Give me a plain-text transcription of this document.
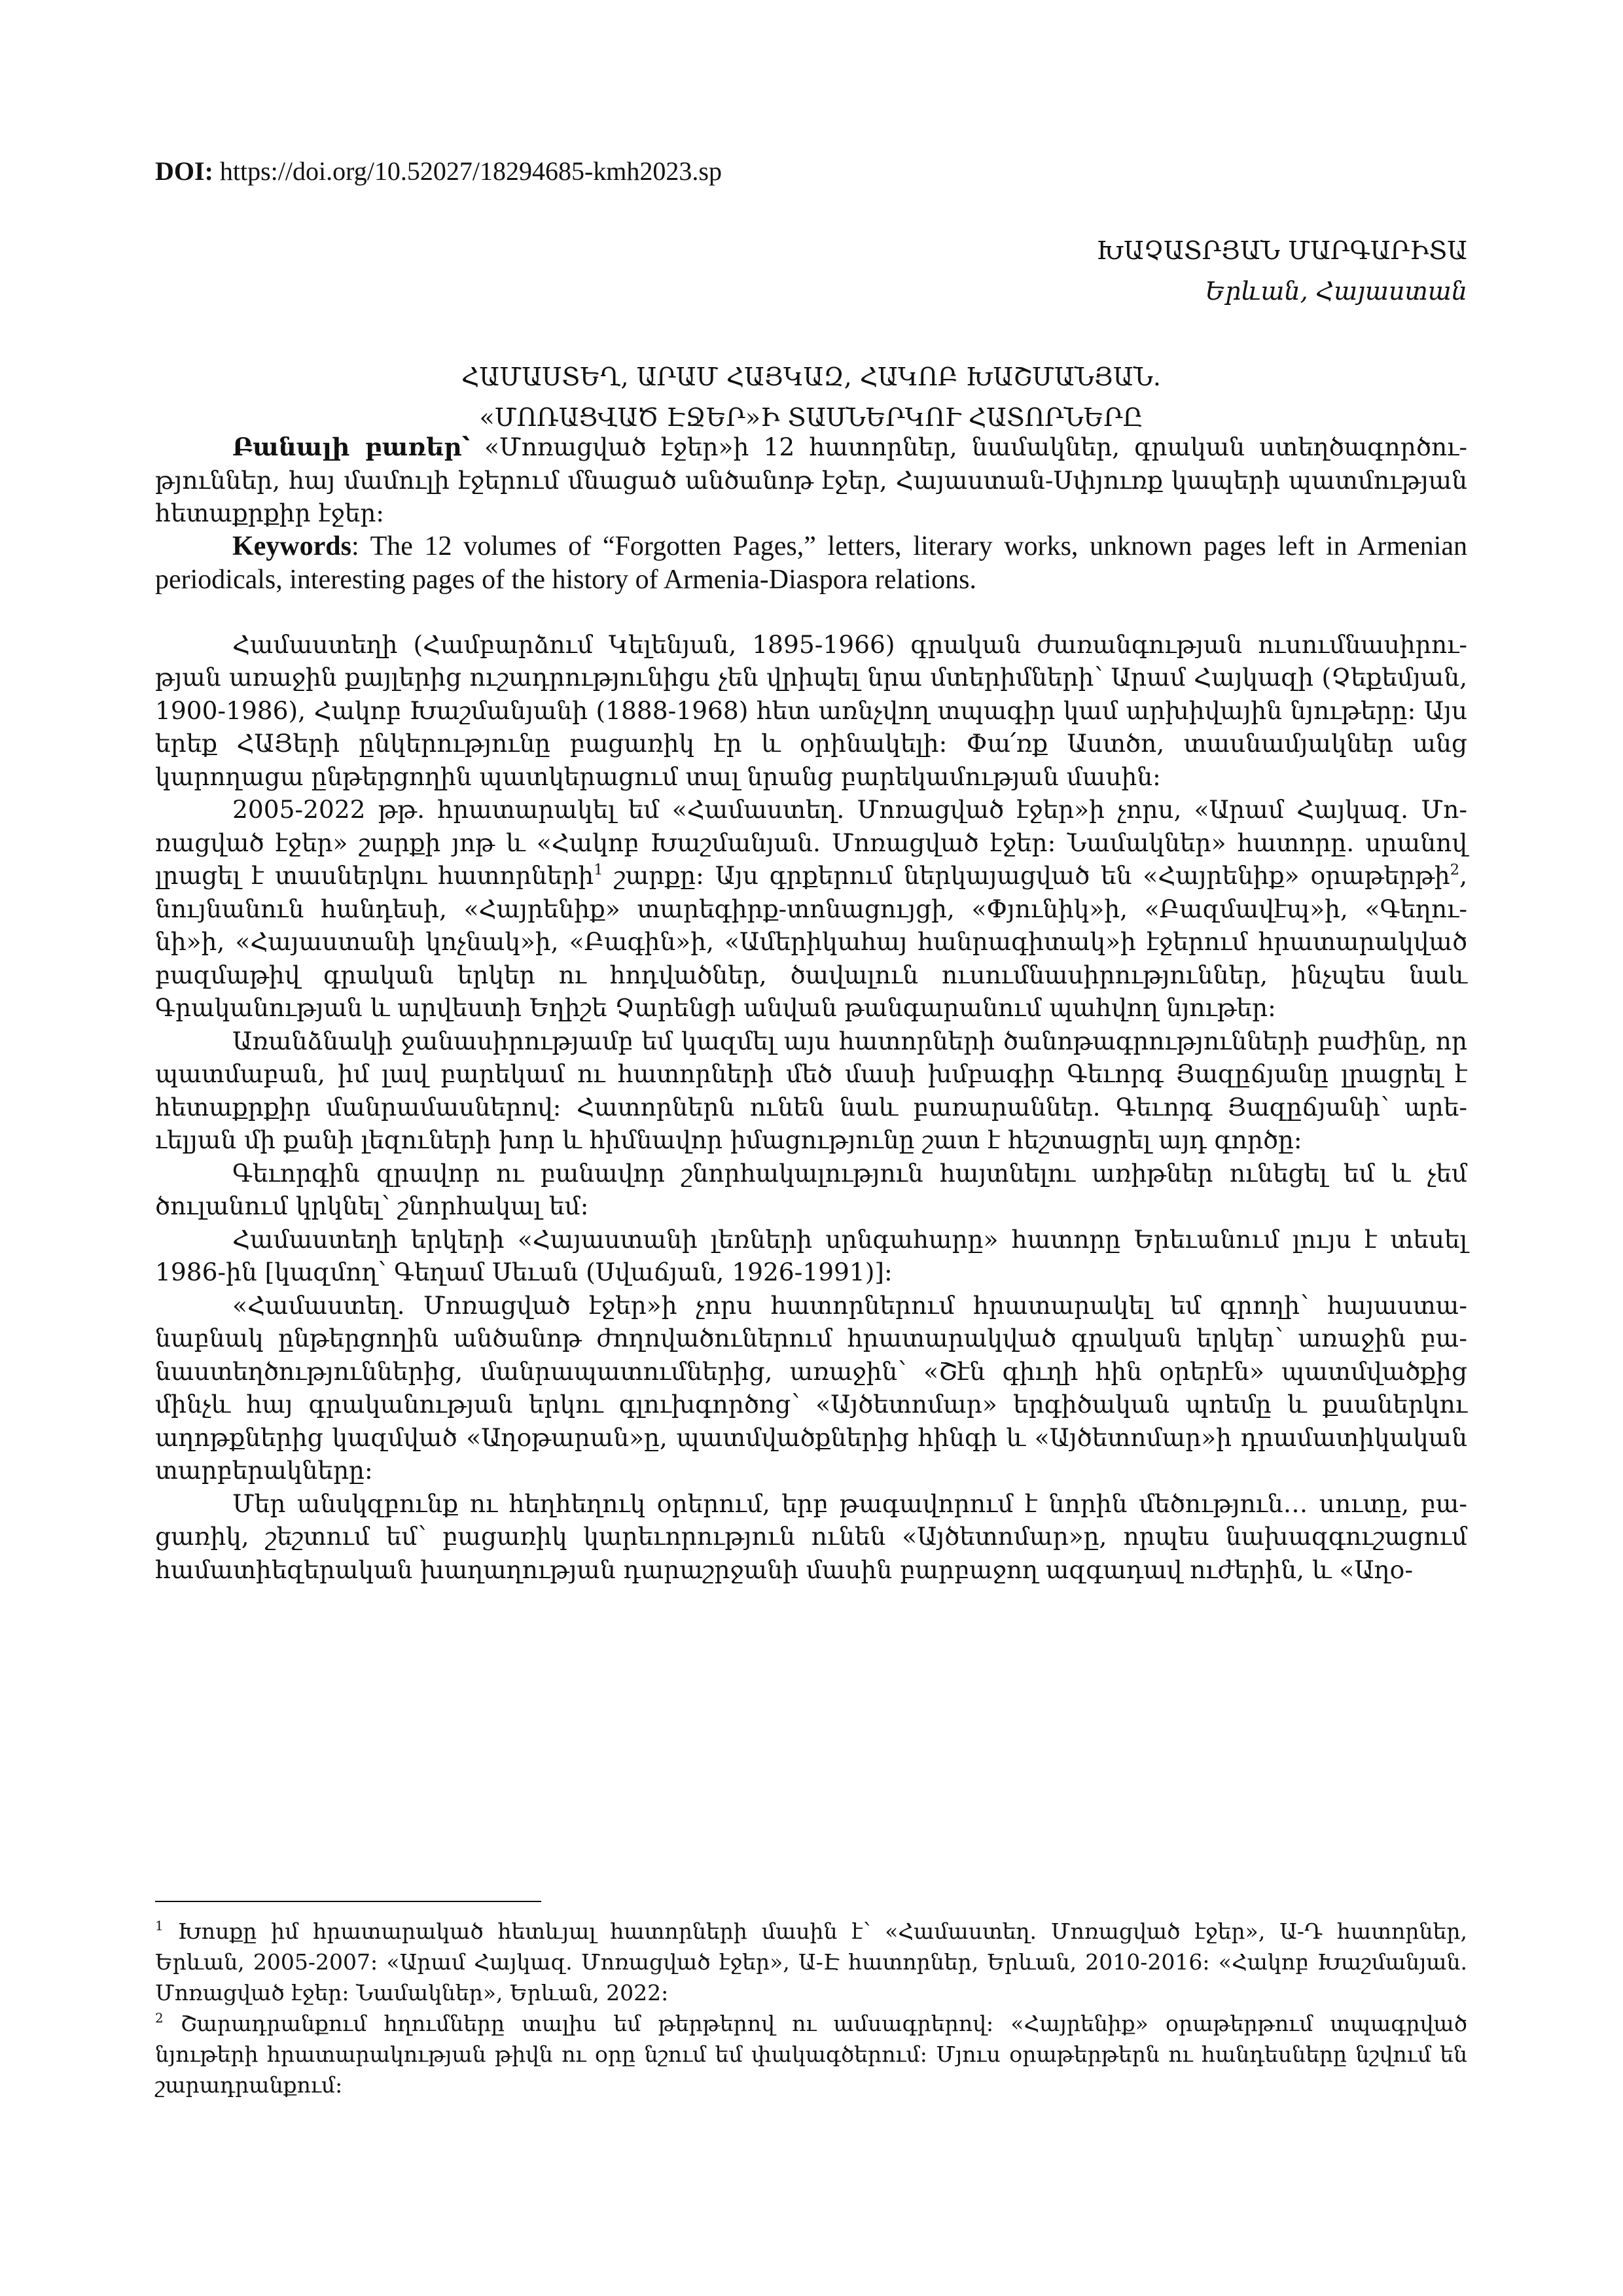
DOI: https://doi.org/10.52027/18294685-kmh2023.sp
ԽԱՉԱՏՐՅԱՆ ՄԱՐԳԱՐԻՏԱ
Երևան, Հայաստան
ՀԱՄԱՍՏԵՂ, ԱՐԱՄ ՀԱՅԿԱԶ, ՀԱԿՈԲ ԽԱՇՄԱՆՅԱՆ.
«ՄՈՌԱՑՎԱԾ ԷՋԵՐ»Ի ՏԱՍՆԵՐԿՈՒ ՀԱՏՈՐՆԵՐԸ

Բանալի բառեր՝ «Մոռացված էջեր»ի 12 հատորներ, նամակներ, գրական ստեղծագործություններ, հայ մամուլի էջերում մնացած անծանոթ էջեր, Հայաստան-Սփյուռք կապերի պատմության հետաքրքիր էջեր։

Keywords: The 12 volumes of “Forgotten Pages,” letters, literary works, unknown pages left in Armenian periodicals, interesting pages of the history of Armenia-Diaspora relations.

Համաստեղի (Համբարձում Կելենյան, 1895-1966) գրական ժառանգության ուսումնասիրության առաջին քայլերից ուշադրությունիցս չեն վրիպել նրա մտերիմների՝ Արամ Հայկազի (Չեքեմյան, 1900-1986), Հակոբ Խաշմանյանի (1888-1968) հետ առնչվող տպագիր կամ արխիվային նյութերը։ Այս երեք ՀԱՅերի ընկերությունը բացառիկ էր և օրինակելի։ Փա՛ռք Աստծո, տասնամյակներ անց կարողացա ընթերցողին պատկերացում տալ նրանց բարեկամության մասին։

2005-2022 թթ. հրատարակել եմ «Համաստեղ. Մոռացված էջեր»ի չորս, «Արամ Հայկազ. Մոռացված էջեր» շարքի յոթ և «Հակոբ Խաշմանյան. Մոռացված էջեր։ Նամակներ» հատորը. սրանով լրացել է տասներկու հատորների$^1$ շարքը։ Այս գրքերում ներկայացված են «Հայրենիք» օրաթերթի$^2$, նույնանուն հանդեսի, «Հայրենիք» տարեգիրք-տոնացույցի, «Փյունիկ»ի, «Բազմավէպ»ի, «Գեղունի»ի, «Հայաստանի կոչնակ»ի, «Բագին»ի, «Ամերիկահայ հանրագիտակ»ի էջերում հրատարակված բազմաթիվ գրական երկեր ու հոդվածներ, ծավալուն ուսումնասիրություններ, ինչպես նաև Գրականության և արվեստի Եղիշե Չարենցի անվան թանգարանում պահվող նյութեր։

Առանձնակի ջանասիրությամբ եմ կազմել այս հատորների ծանոթագրությունների բաժինը, որ պատմաբան, իմ լավ բարեկամ ու հատորների մեծ մասի խմբագիր Գեւորգ Յազըճյանը լրացրել է հետաքրքիր մանրամասներով։ Հատորներն ունեն նաև բառարաններ. Գեւորգ Յազըճյանի՝ արեւելյան մի քանի լեզուների խոր և հիմնավոր իմացությունը շատ է հեշտացրել այդ գործը։

Գեւորգին զրավոր ու բանավոր շնորհակալություն հայտնելու առիթներ ունեցել եմ և չեմ ծուլանում կրկնել՝ շնորհակալ եմ։

Համաստեղի երկերի «Հայաստանի լեռների սրնգահարը» հատորը Երեւանում լույս է տեսել 1986-ին [կազմող՝ Գեղամ Սեւան (Սվաճյան, 1926-1991)]։

«Համաստեղ. Մոռացված էջեր»ի չորս հատորներում հրատարակել եմ գրողի՝ հայաստանաբնակ ընթերցողին անծանոթ ժողովածուներում հրատարակված գրական երկեր՝ առաջին բանաստեղծություններից, մանրապատումներից, առաջին՝ «Շէն գիւղի հին օրերէն» պատմվածքից մինչև հայ գրականության երկու գլուխգործոց՝ «Այծետոմար» երգիծական պոեմը և քսաներկու աղոթքներից կազմված «Աղօթարան»ը, պատմվածքներից հինգի և «Այծետոմար»ի դրամատիկական տարբերակները։

Մեր անսկզբունք ու հեղհեղուկ օրերում, երբ թագավորում է նորին մեծություն… սուտը, բացառիկ, շեշտում եմ՝ բացառիկ կարեւորություն ունեն «Այծետոմար»ը, որպես նախազգուշացում համատիեզերական խաղաղության դարաշրջանի մասին բարբաջող ազգադավ ուժերին, և «Աղօ-

$^1$ Խոսքը իմ հրատարակած հետևյալ հատորների մասին է՝ «Համաստեղ. Մոռացված էջեր», Ա-Դ հատորներ, Երևան, 2005-2007։ «Արամ Հայկազ. Մոռացված էջեր», Ա-Է հատորներ, Երևան, 2010-2016։ «Հակոբ Խաշմանյան. Մոռացված էջեր։ Նամակներ», Երևան, 2022։

$^2$ Շարադրանքում հղումները տալիս եմ թերթերով ու ամսագրերով։ «Հայրենիք» օրաթերթում տպագրված նյութերի հրատարակության թիվն ու օրը նշում եմ փակագծերում։ Մյուս օրաթերթերն ու հանդեսները նշվում են շարադրանքում։
